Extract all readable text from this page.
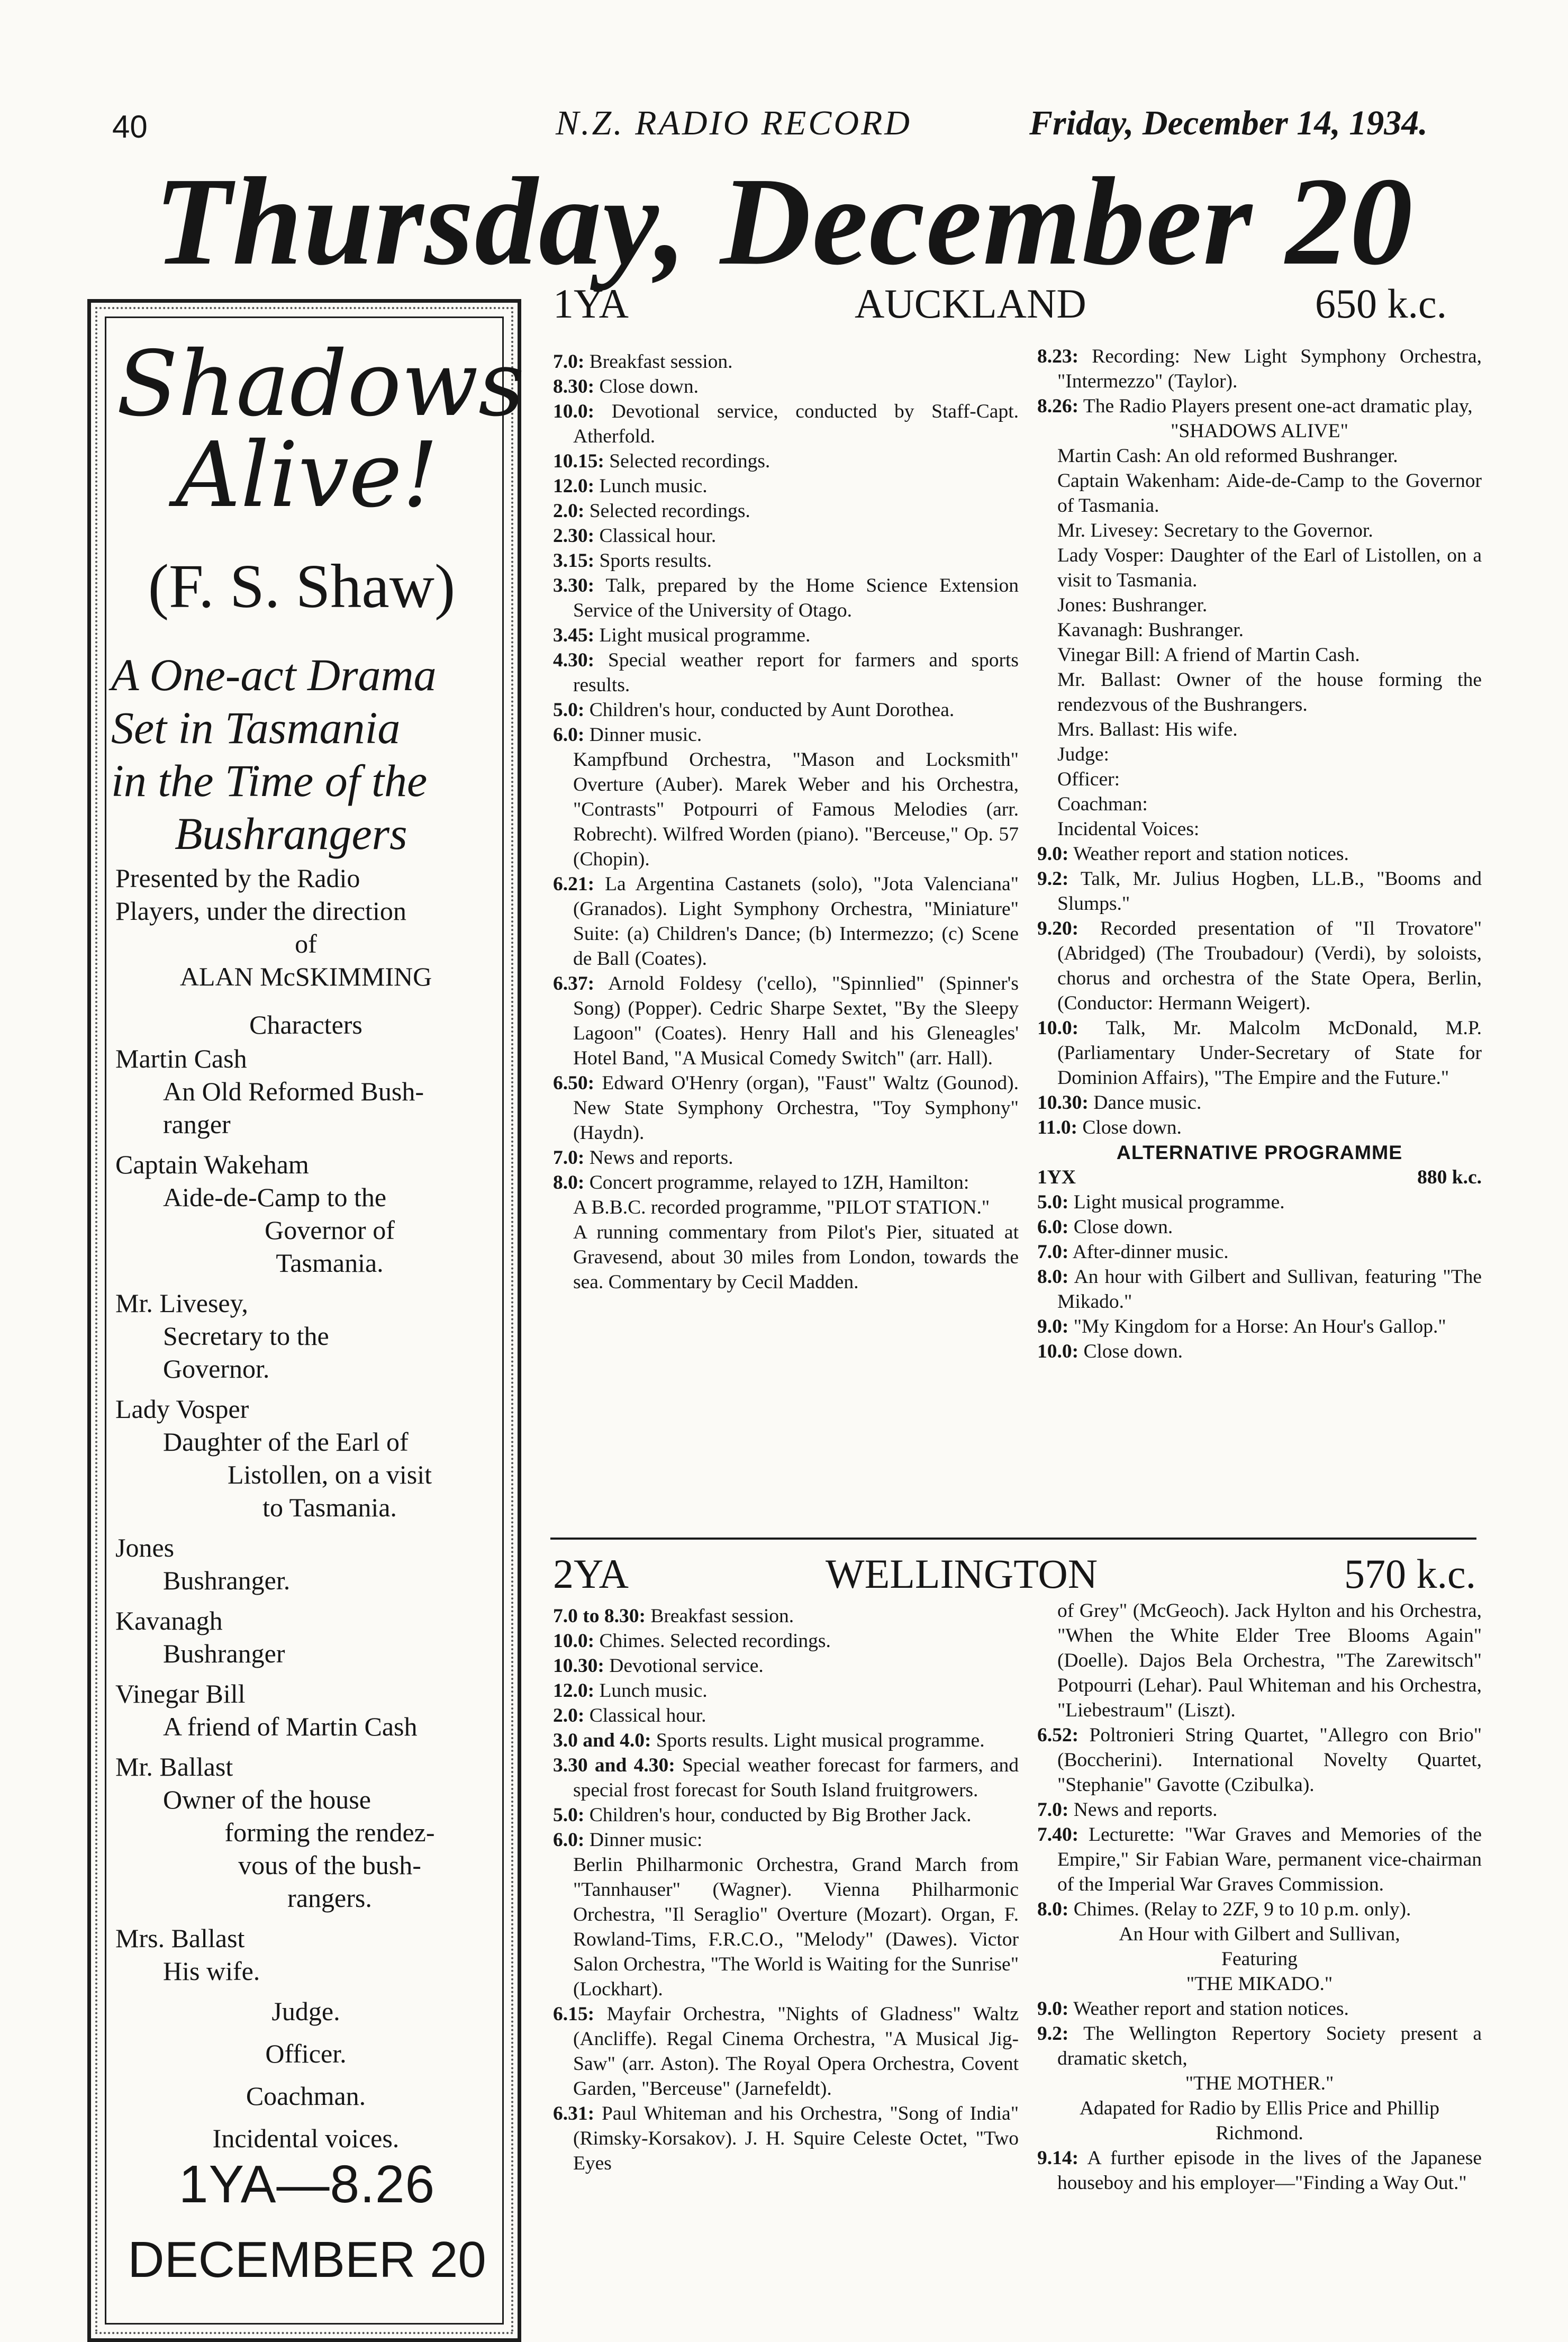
40	N.Z. RADIO RECORD	Friday, December 14, 1934.
Thursday, December 20
Shadows
Alive!
(F. S. Shaw)
A One-act Drama
Set in Tasmania
in the Time of the
Bushrangers
Presented by the Radio
Players, under the direction
of
ALAN McSKIMMING
Characters
Martin Cash
An Old Reformed Bush-
ranger
Captain Wakeham
Aide-de-Camp to the
Governor of
Tasmania.
Mr. Livesey,
Secretary to the
Governor.
Lady Vosper
Daughter of the Earl of
Listollen, on a visit
to Tasmania.
Jones
Bushranger.
Kavanagh
Bushranger
Vinegar Bill
A friend of Martin Cash
Mr. Ballast
Owner of the house
forming the rendez-
vous of the bush-
rangers.
Mrs. Ballast
His wife.
Judge.
Officer.
Coachman.
Incidental voices.
1YA—8.26
DECEMBER 20
1YA	AUCKLAND	650 k.c.

7.0: Breakfast session.

8.30: Close down.

10.0: Devotional service, conducted by Staff-Capt. Atherfold.

10.15: Selected recordings.

12.0: Lunch music.

2.0: Selected recordings.

2.30: Classical hour.

3.15: Sports results.

3.30: Talk, prepared by the Home Science Extension Service of the University of Otago.

3.45: Light musical programme.

4.30: Special weather report for farmers and sports results.

5.0: Children's hour, conducted by Aunt Dorothea.

6.0: Dinner music.

Kampfbund Orchestra, "Mason and Locksmith" Overture (Auber). Marek Weber and his Orchestra, "Contrasts" Potpourri of Famous Melodies (arr. Robrecht). Wilfred Worden (piano). "Berceuse," Op. 57 (Chopin).

6.21: La Argentina Castanets (solo), "Jota Valenciana" (Granados). Light Symphony Orchestra, "Miniature" Suite: (a) Children's Dance; (b) Intermezzo; (c) Scene de Ball (Coates).

6.37: Arnold Foldesy ('cello), "Spinnlied" (Spinner's Song) (Popper). Cedric Sharpe Sextet, "By the Sleepy Lagoon" (Coates). Henry Hall and his Gleneagles' Hotel Band, "A Musical Comedy Switch" (arr. Hall).

6.50: Edward O'Henry (organ), "Faust" Waltz (Gounod). New State Symphony Orchestra, "Toy Symphony" (Haydn).

7.0: News and reports.

8.0: Concert programme, relayed to 1ZH, Hamilton:

A B.B.C. recorded programme, "PILOT STATION."

A running commentary from Pilot's Pier, situated at Gravesend, about 30 miles from London, towards the sea. Commentary by Cecil Madden.

8.23: Recording: New Light Symphony Orchestra, "Intermezzo" (Taylor).

8.26: The Radio Players present one-act dramatic play,

"SHADOWS ALIVE"

Martin Cash: An old reformed Bushranger.

Captain Wakenham: Aide-de-Camp to the Governor of Tasmania.

Mr. Livesey: Secretary to the Governor.

Lady Vosper: Daughter of the Earl of Listollen, on a visit to Tasmania.

Jones: Bushranger.

Kavanagh: Bushranger.

Vinegar Bill: A friend of Martin Cash.

Mr. Ballast: Owner of the house forming the rendezvous of the Bushrangers.

Mrs. Ballast: His wife.

Judge:

Officer:

Coachman:

Incidental Voices:

9.0: Weather report and station notices.

9.2: Talk, Mr. Julius Hogben, LL.B., "Booms and Slumps."

9.20: Recorded presentation of "Il Trovatore" (Abridged) (The Troubadour) (Verdi), by soloists, chorus and orchestra of the State Opera, Berlin, (Conductor: Hermann Weigert).

10.0: Talk, Mr. Malcolm McDonald, M.P. (Parliamentary Under-Secretary of State for Dominion Affairs), "The Empire and the Future."

10.30: Dance music.

11.0: Close down.

ALTERNATIVE PROGRAMME

1YX	880 k.c.

5.0: Light musical programme.

6.0: Close down.

7.0: After-dinner music.

8.0: An hour with Gilbert and Sullivan, featuring "The Mikado."

9.0: "My Kingdom for a Horse: An Hour's Gallop."

10.0: Close down.

2YA	WELLINGTON	570 k.c.

7.0 to 8.30: Breakfast session.

10.0: Chimes. Selected recordings.

10.30: Devotional service.

12.0: Lunch music.

2.0: Classical hour.

3.0 and 4.0: Sports results. Light musical programme.

3.30 and 4.30: Special weather forecast for farmers, and special frost forecast for South Island fruitgrowers.

5.0: Children's hour, conducted by Big Brother Jack.

6.0: Dinner music:

Berlin Philharmonic Orchestra, Grand March from "Tannhauser" (Wagner). Vienna Philharmonic Orchestra, "Il Seraglio" Overture (Mozart). Organ, F. Rowland-Tims, F.R.C.O., "Melody" (Dawes). Victor Salon Orchestra, "The World is Waiting for the Sunrise" (Lockhart).

6.15: Mayfair Orchestra, "Nights of Gladness" Waltz (Ancliffe). Regal Cinema Orchestra, "A Musical Jig-Saw" (arr. Aston). The Royal Opera Orchestra, Covent Garden, "Berceuse" (Jarnefeldt).

6.31: Paul Whiteman and his Orchestra, "Song of India" (Rimsky-Korsakov). J. H. Squire Celeste Octet, "Two Eyes

of Grey" (McGeoch). Jack Hylton and his Orchestra, "When the White Elder Tree Blooms Again" (Doelle). Dajos Bela Orchestra, "The Zarewitsch" Potpourri (Lehar). Paul Whiteman and his Orchestra, "Liebestraum" (Liszt).

6.52: Poltronieri String Quartet, "Allegro con Brio" (Boccherini). International Novelty Quartet, "Stephanie" Gavotte (Czibulka).

7.0: News and reports.

7.40: Lecturette: "War Graves and Memories of the Empire," Sir Fabian Ware, permanent vice-chairman of the Imperial War Graves Commission.

8.0: Chimes. (Relay to 2ZF, 9 to 10 p.m. only).

An Hour with Gilbert and Sullivan,

Featuring

"THE MIKADO."

9.0: Weather report and station notices.

9.2: The Wellington Repertory Society present a dramatic sketch,

"THE MOTHER."

Adapated for Radio by Ellis Price and Phillip Richmond.

9.14: A further episode in the lives of the Japanese houseboy and his employer—"Finding a Way Out."
